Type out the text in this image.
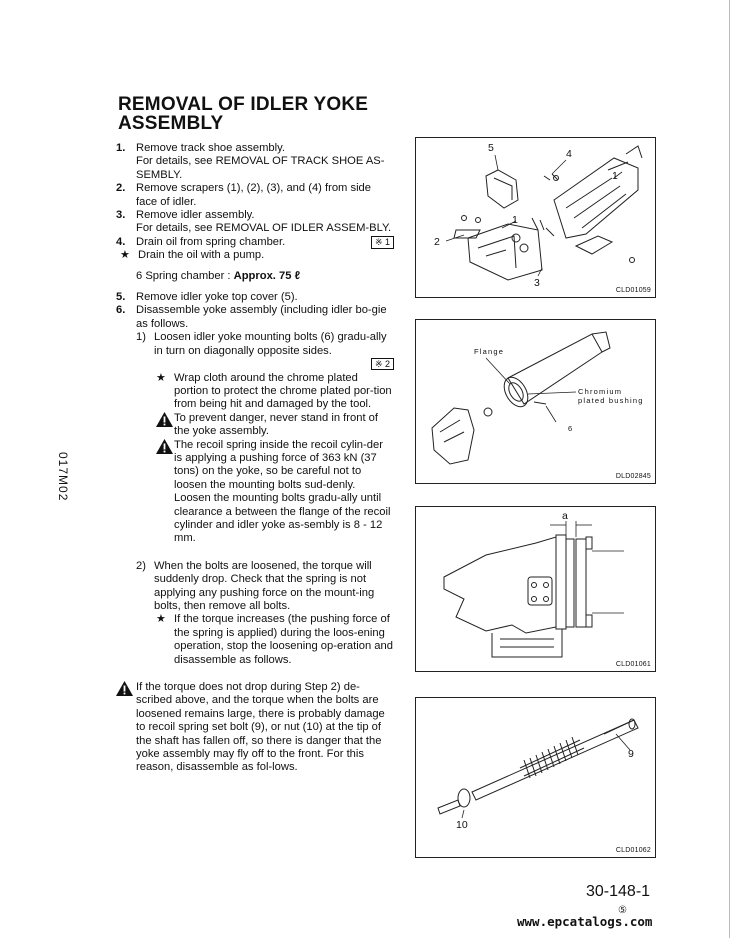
REMOVAL OF IDLER YOKE
ASSEMBLY
1. Remove track shoe assembly.
For details, see REMOVAL OF TRACK SHOE AS-SEMBLY.
2. Remove scrapers (1), (2), (3), and (4) from side face of idler.
3. Remove idler assembly.
For details, see REMOVAL OF IDLER ASSEM-BLY.
4. Drain oil from spring chamber.	※ 1
★ Drain the oil with a pump.
6 Spring chamber : Approx. 75 ℓ
5. Remove idler yoke top cover (5).
6. Disassemble yoke assembly (including idler bo-gie as follows.
1) Loosen idler yoke mounting bolts (6) gradu-ally in turn on diagonally opposite sides.
※ 2
★ Wrap cloth around the chrome plated portion to protect the chrome plated por-tion from being hit and damaged by the tool.
To prevent danger, never stand in front of the yoke assembly.
The recoil spring inside the recoil cylin-der is applying a pushing force of 363 kN (37 tons) on the yoke, so be careful not to loosen the mounting bolts sud-denly. Loosen the mounting bolts gradu-ally until clearance a between the flange of the recoil cylinder and idler yoke as-sembly is 8 - 12 mm.
2) When the bolts are loosened, the torque will suddenly drop. Check that the spring is not applying any pushing force on the mount-ing bolts, then remove all bolts.
★ If the torque increases (the pushing force of the spring is applied) during the loos-ening operation, stop the loosening op-eration and disassemble as follows.
If the torque does not drop during Step 2) de-scribed above, and the torque when the bolts are loosened remains large, there is probably damage to recoil spring set bolt (9), or nut (10) at the tip of the shaft has fallen off, so there is danger that the yoke assembly may fly off to the front. For this reason, disassemble as fol-lows.
5	4
1
1
2
3
CLD01059
Flange
Chromium
plated bushing
6
DLD02845
a
CLD01061
9
10
CLD01062
017M02
30-148-1
⑤
www.epcatalogs.com
